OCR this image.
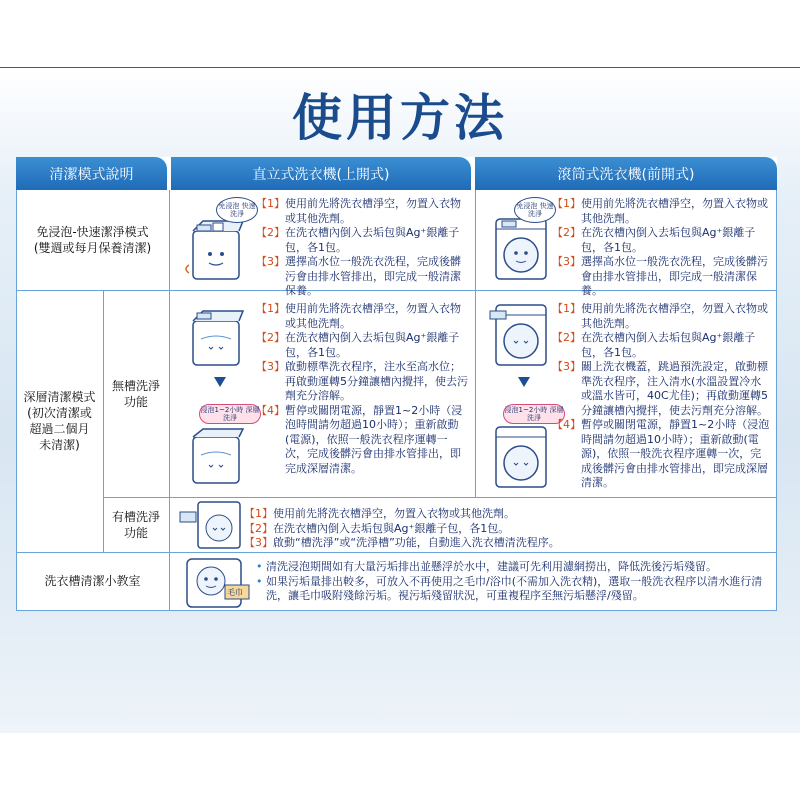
使用方法
清潔模式說明	直立式洗衣機(上開式)	滾筒式洗衣機(前開式)
免浸泡-快速潔淨模式
(雙週或每月保養清潔)
免浸泡 快速洗淨
【1】 使用前先將洗衣槽淨空，勿置入衣物或其他洗劑。
【2】 在洗衣槽內倒入去垢包與Ag⁺銀離子包，各1包。
【3】 選擇高水位一般洗衣洗程，完成後髒污會由排水管排出，即完成一般清潔保養。
免浸泡 快速洗淨
【1】 使用前先將洗衣槽淨空，勿置入衣物或其他洗劑。
【2】 在洗衣槽內倒入去垢包與Ag⁺銀離子包，各1包。
【3】 選擇高水位一般洗衣洗程，完成後髒污會由排水管排出，即完成一般清潔保養。
深層清潔模式
(初次清潔或
超過二個月
未清潔)
無槽洗淨
功能
浸泡1~2小時 深層洗淨
【1】 使用前先將洗衣槽淨空，勿置入衣物或其他洗劑。
【2】 在洗衣槽內倒入去垢包與Ag⁺銀離子包，各1包。
【3】 啟動標準洗衣程序，注水至高水位；再啟動運轉5分鐘讓槽內攪拌，使去污劑充分溶解。
【4】 暫停或關閉電源，靜置1~2小時（浸泡時間請勿超過10小時）；重新啟動(電源)，依照一般洗衣程序運轉一次，完成後髒污會由排水管排出，即完成深層清潔。
浸泡1~2小時 深層洗淨
【1】 使用前先將洗衣槽淨空，勿置入衣物或其他洗劑。
【2】 在洗衣槽內倒入去垢包與Ag⁺銀離子包，各1包。
【3】 關上洗衣機蓋，跳過預洗設定，啟動標準洗衣程序，注入清水(水溫設置冷水或溫水皆可，40C尤佳)；再啟動運轉5分鐘讓槽內攪拌，使去污劑充分溶解。
【4】 暫停或關閉電源，靜置1~2小時（浸泡時間請勿超過10小時）；重新啟動(電源)，依照一般洗衣程序運轉一次，完成後髒污會由排水管排出，即完成深層清潔。
有槽洗淨
功能
【1】 使用前先將洗衣槽淨空，勿置入衣物或其他洗劑。
【2】 在洗衣槽內倒入去垢包與Ag⁺銀離子包，各1包。
【3】 啟動“槽洗淨”或“洗淨槽”功能，自動進入洗衣槽清洗程序。
洗衣槽清潔小教室
毛巾
• 清洗浸泡期間如有大量污垢排出並懸浮於水中，建議可先利用濾網撈出，降低洗後污垢殘留。
• 如果污垢量排出較多，可放入不再使用之毛巾/浴巾(不需加入洗衣精)，選取一般洗衣程序以清水進行清洗，讓毛巾吸附殘餘污垢。視污垢殘留狀況，可重複程序至無污垢懸浮/殘留。
